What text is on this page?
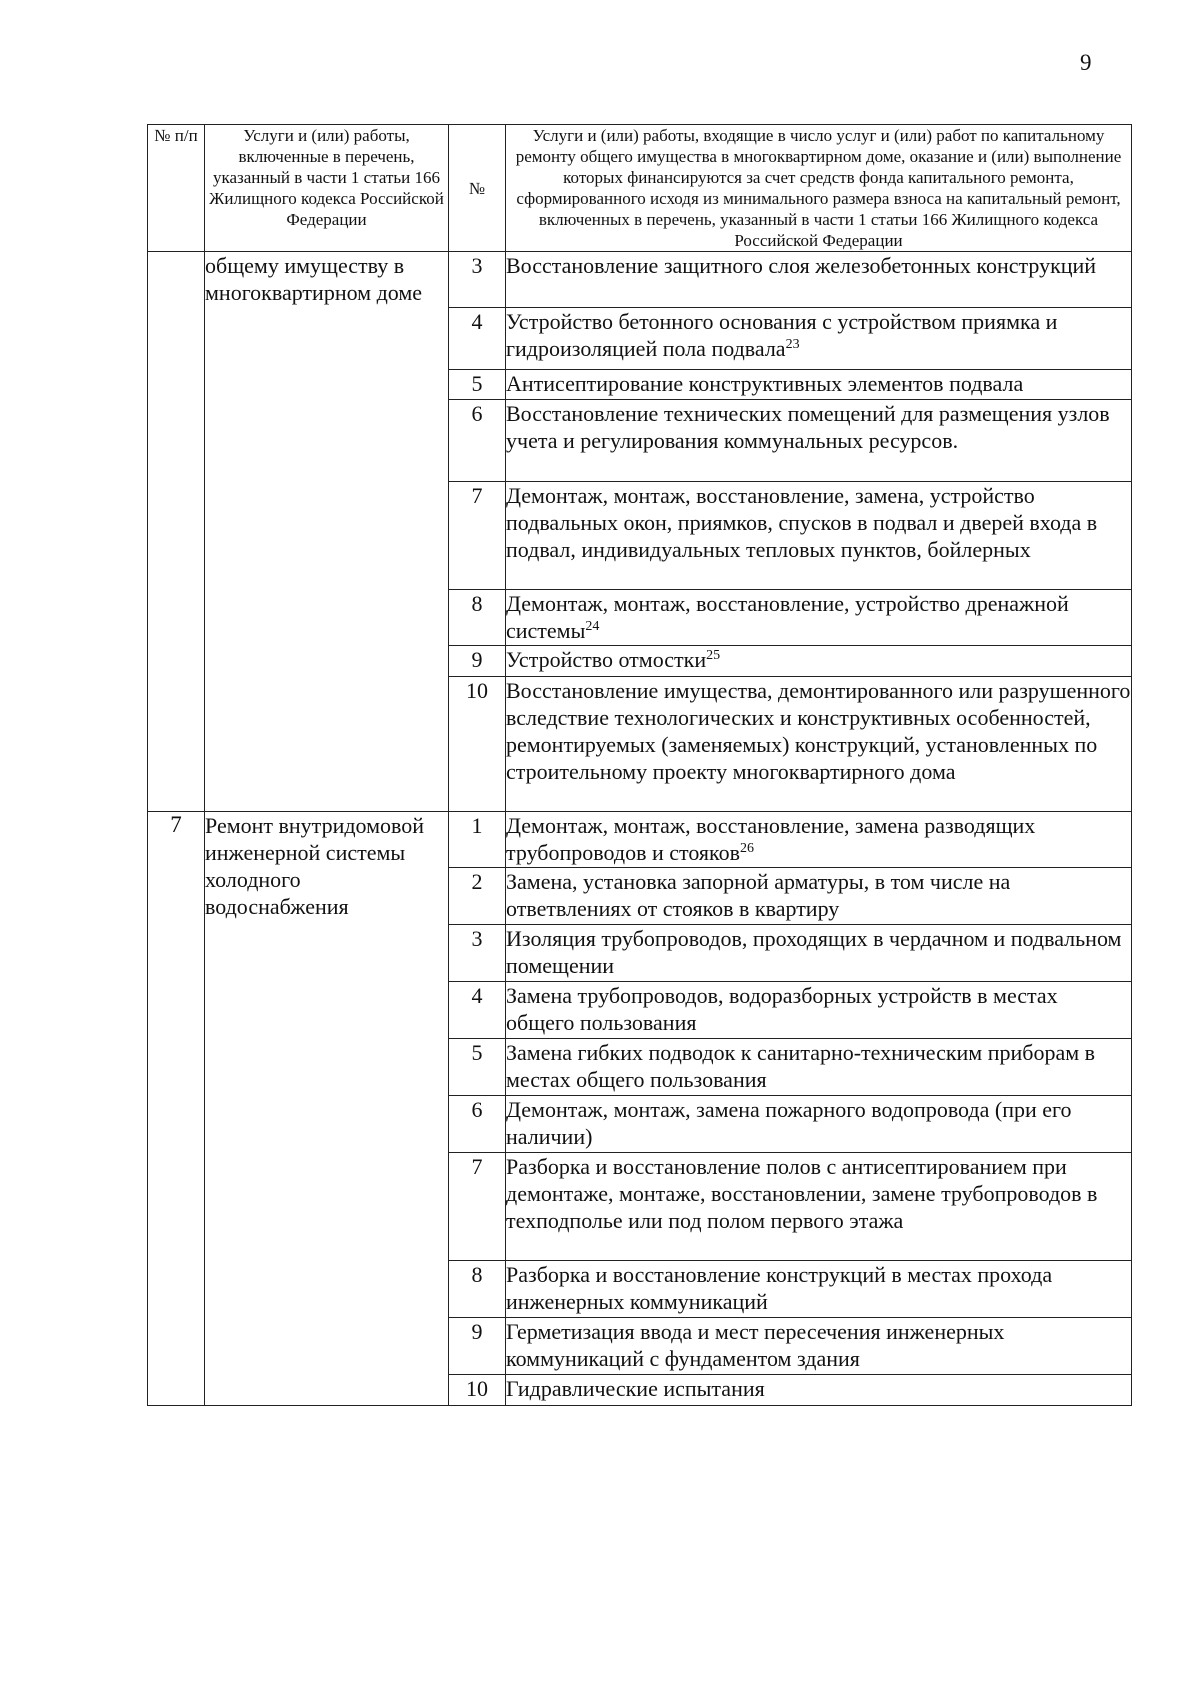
9
№ п/п	Услуги и (или) работы, включенные в перечень, указанный в части 1 статьи 166 Жилищного кодекса Российской Федерации	№	Услуги и (или) работы, входящие в число услуг и (или) работ по капитальному ремонту общего имущества в многоквартирном доме, оказание и (или) выполнение которых финансируются за счет средств фонда капитального ремонта, сформированного исходя из минимального размера взноса на капитальный ремонт, включенных в перечень, указанный в части 1 статьи 166 Жилищного кодекса Российской Федерации
	общему имуществу в многоквартирном доме	3	Восстановление защитного слоя железобетонных конструкций
		4	Устройство бетонного основания с устройством приямка и гидроизоляцией пола подвала$^{23}$
		5	Антисептирование конструктивных элементов подвала
		6	Восстановление технических помещений для размещения узлов учета и регулирования коммунальных ресурсов.
		7	Демонтаж, монтаж, восстановление, замена, устройство подвальных окон, приямков, спусков в подвал и дверей входа в подвал, индивидуальных тепловых пунктов, бойлерных
		8	Демонтаж, монтаж, восстановление, устройство дренажной системы$^{24}$
		9	Устройство отмостки$^{25}$
		10	Восстановление имущества, демонтированного или разрушенного вследствие технологических и конструктивных особенностей, ремонтируемых (заменяемых) конструкций, установленных по строительному проекту многоквартирного дома
7	Ремонт внутридомовой инженерной системы холодного водоснабжения	1	Демонтаж, монтаж, восстановление, замена разводящих трубопроводов и стояков$^{26}$
		2	Замена, установка запорной арматуры, в том числе на ответвлениях от стояков в квартиру
		3	Изоляция трубопроводов, проходящих в чердачном и подвальном помещении
		4	Замена трубопроводов, водоразборных устройств в местах общего пользования
		5	Замена гибких подводок к санитарно-техническим приборам в местах общего пользования
		6	Демонтаж, монтаж, замена пожарного водопровода (при его наличии)
		7	Разборка и восстановление полов с антисептированием при демонтаже, монтаже, восстановлении, замене трубопроводов в техподполье или под полом первого этажа
		8	Разборка и восстановление конструкций в местах прохода инженерных коммуникаций
		9	Герметизация ввода и мест пересечения инженерных коммуникаций с фундаментом здания
		10	Гидравлические испытания
